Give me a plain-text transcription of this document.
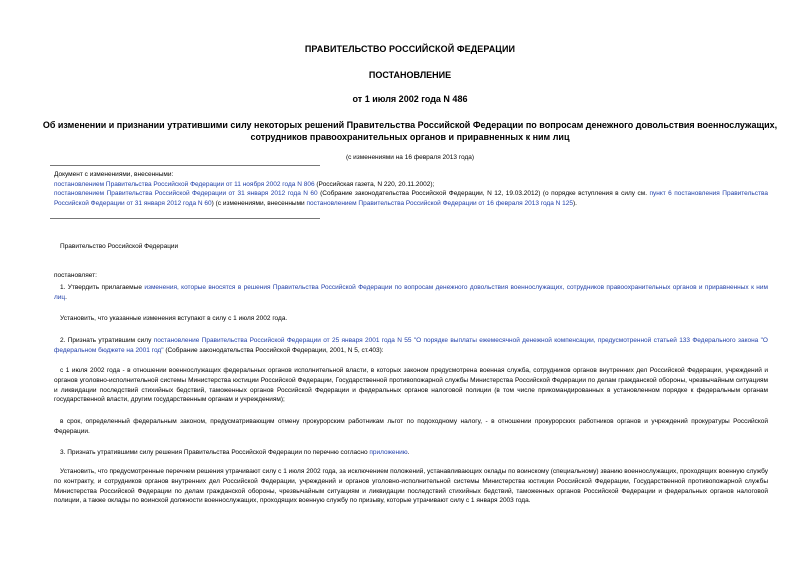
ПРАВИТЕЛЬСТВО РОССИЙСКОЙ ФЕДЕРАЦИИ
ПОСТАНОВЛЕНИЕ
от 1 июля 2002 года N 486
Об изменении и признании утратившими силу некоторых решений Правительства Российской Федерации по вопросам денежного довольствия военнослужащих,
сотрудников правоохранительных органов и приравненных к ним лиц
(с изменениями на 16 февраля 2013 года)
Документ с изменениями, внесенными:
постановлением Правительства Российской Федерации от 11 ноября 2002 года N 806 (Российская газета, N 220, 20.11.2002);
постановлением Правительства Российской Федерации от 31 января 2012 года N 60 (Собрание законодательства Российской Федерации, N 12, 19.03.2012) (о порядке вступления в силу см. пункт 6 постановления Правительства Российской Федерации от 31 января 2012 года N 60) (с изменениями, внесенными постановлением Правительства Российской Федерации от 16 февраля 2013 года N 125).
Правительство Российской Федерации
постановляет:
1. Утвердить прилагаемые изменения, которые вносятся в решения Правительства Российской Федерации по вопросам денежного довольствия военнослужащих, сотрудников правоохранительных органов и приравненных к ним лиц.
Установить, что указанные изменения вступают в силу с 1 июля 2002 года.
2. Признать утратившим силу постановление Правительства Российской Федерации от 25 января 2001 года N 55 "О порядке выплаты ежемесячной денежной компенсации, предусмотренной статьей 133 Федерального закона "О федеральном бюджете на 2001 год" (Собрание законодательства Российской Федерации, 2001, N 5, ст.403):
с 1 июля 2002 года - в отношении военнослужащих федеральных органов исполнительной власти, в которых законом предусмотрена военная служба, сотрудников органов внутренних дел Российской Федерации, учреждений и органов уголовно-исполнительной системы Министерства юстиции Российской Федерации, Государственной противопожарной службы Министерства Российской Федерации по делам гражданской обороны, чрезвычайным ситуациям и ликвидации последствий стихийных бедствий, таможенных органов Российской Федерации и федеральных органов налоговой полиции (в том числе прикомандированных в установленном порядке к федеральным органам государственной власти, другим государственным органам и учреждениям);
в срок, определенный федеральным законом, предусматривающим отмену прокурорским работникам льгот по подоходному налогу, - в отношении прокурорских работников органов и учреждений прокуратуры Российской Федерации.
3. Признать утратившими силу решения Правительства Российской Федерации по перечню согласно приложению.
Установить, что предусмотренные перечнем решения утрачивают силу с 1 июля 2002 года, за исключением положений, устанавливающих оклады по воинскому (специальному) званию военнослужащих, проходящих военную службу по контракту, и сотрудников органов внутренних дел Российской Федерации, учреждений и органов уголовно-исполнительной системы Министерства юстиции Российской Федерации, Государственной противопожарной службы Министерства Российской Федерации по делам гражданской обороны, чрезвычайным ситуациям и ликвидации последствий стихийных бедствий, таможенных органов Российской Федерации и федеральных органов налоговой полиции, а также оклады по воинской должности военнослужащих, проходящих военную службу по призыву, которые утрачивают силу с 1 января 2003 года.
